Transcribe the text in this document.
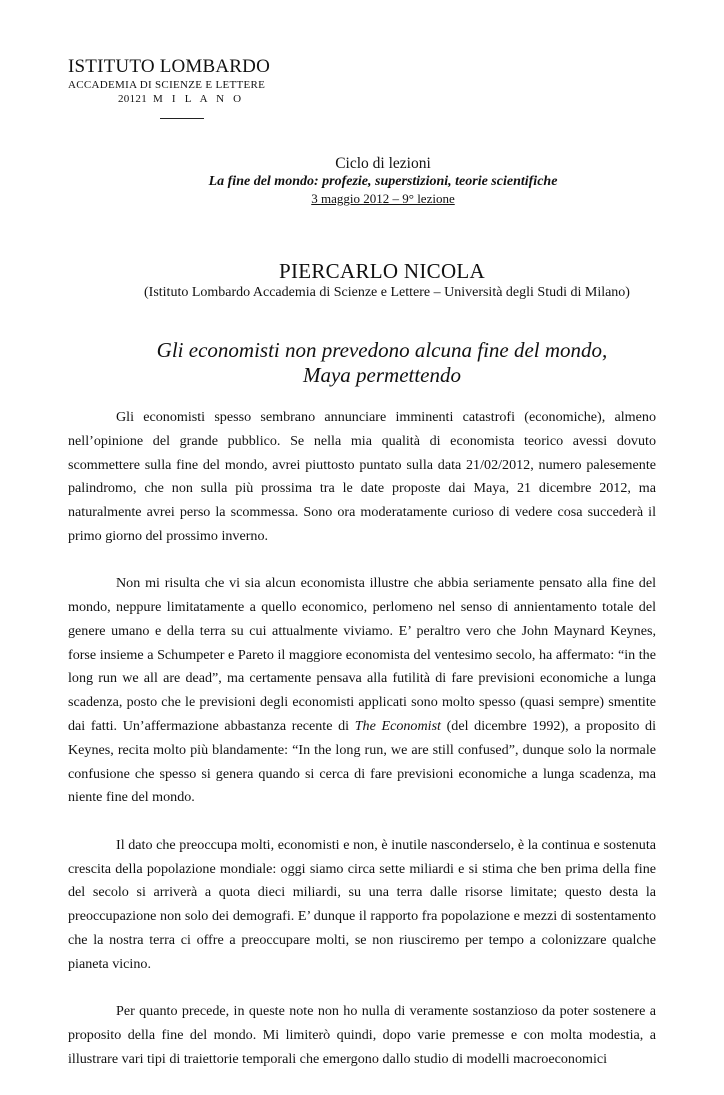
ISTITUTO LOMBARDO
ACCADEMIA DI SCIENZE E LETTERE
20121 M I L A N O
Ciclo di lezioni
La fine del mondo: profezie, superstizioni, teorie scientifiche
3 maggio 2012 – 9° lezione
PIERCARLO NICOLA
(Istituto Lombardo Accademia di Scienze e Lettere – Università degli Studi di Milano)
Gli economisti non prevedono alcuna fine del mondo,
Maya permettendo

Gli economisti spesso sembrano annunciare imminenti catastrofi (economiche), almeno nell’opinione del grande pubblico. Se nella mia qualità di economista teorico avessi dovuto scommettere sulla fine del mondo, avrei piuttosto puntato sulla data 21/02/2012, numero palesemente palindromo, che non sulla più prossima tra le date proposte dai Maya, 21 dicembre 2012, ma naturalmente avrei perso la scommessa. Sono ora moderatamente curioso di vedere cosa succederà il primo giorno del prossimo inverno.

Non mi risulta che vi sia alcun economista illustre che abbia seriamente pensato alla fine del mondo, neppure limitatamente a quello economico, perlomeno nel senso di annientamento totale del genere umano e della terra su cui attualmente viviamo. E’ peraltro vero che John Maynard Keynes, forse insieme a Schumpeter e Pareto il maggiore economista del ventesimo secolo, ha affermato: “in the long run we all are dead”, ma certamente pensava alla futilità di fare previsioni economiche a lunga scadenza, posto che le previsioni degli economisti applicati sono molto spesso (quasi sempre) smentite dai fatti. Un’affermazione abbastanza recente di The Economist (del dicembre 1992), a proposito di Keynes, recita molto più blandamente: “In the long run, we are still confused”, dunque solo la normale confusione che spesso si genera quando si cerca di fare previsioni economiche a lunga scadenza, ma niente fine del mondo.

Il dato che preoccupa molti, economisti e non, è inutile nasconderselo, è la continua e sostenuta crescita della popolazione mondiale: oggi siamo circa sette miliardi e si stima che ben prima della fine del secolo si arriverà a quota dieci miliardi, su una terra dalle risorse limitate; questo desta la preoccupazione non solo dei demografi. E’ dunque il rapporto fra popolazione e mezzi di sostentamento che la nostra terra ci offre a preoccupare molti, se non riusciremo per tempo a colonizzare qualche pianeta vicino.

Per quanto precede, in queste note non ho nulla di veramente sostanzioso da poter sostenere a proposito della fine del mondo. Mi limiterò quindi, dopo varie premesse e con molta modestia, a illustrare vari tipi di traiettorie temporali che emergono dallo studio di modelli macroeconomici
